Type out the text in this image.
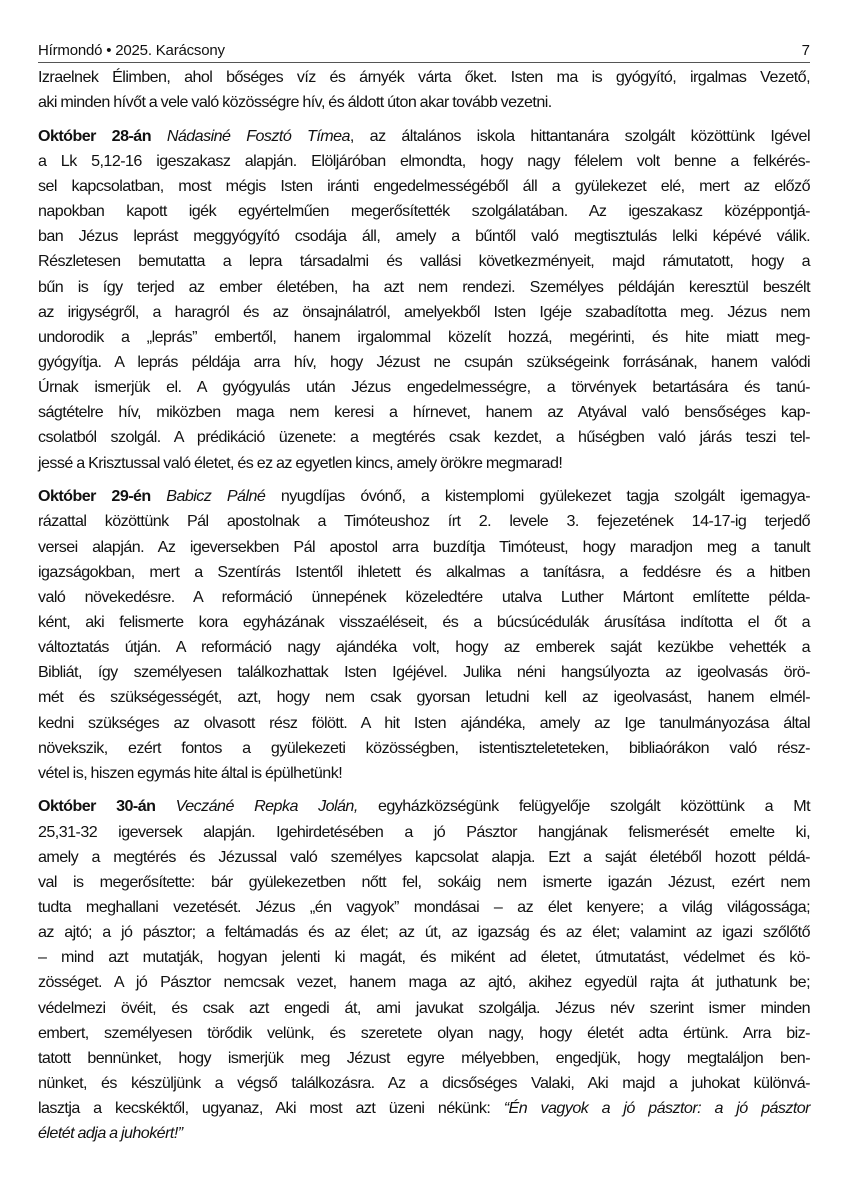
Hírmondó • 2025. Karácsony	7
Izraelnek Élimben, ahol bőséges víz és árnyék várta őket. Isten ma is gyógyító, irgalmas Vezető,
aki minden hívőt a vele való közösségre hív, és áldott úton akar tovább vezetni.
Október 28-án Nádasiné Fosztó Tímea, az általános iskola hittantanára szolgált közöttünk Igével
a Lk 5,12-16 igeszakasz alapján. Elöljáróban elmondta, hogy nagy félelem volt benne a felkérés-
sel kapcsolatban, most mégis Isten iránti engedelmességéből áll a gyülekezet elé, mert az előző
napokban kapott igék egyértelműen megerősítették szolgálatában. Az igeszakasz középpontjá-
ban Jézus leprást meggyógyító csodája áll, amely a bűntől való megtisztulás lelki képévé válik.
Részletesen bemutatta a lepra társadalmi és vallási következményeit, majd rámutatott, hogy a
bűn is így terjed az ember életében, ha azt nem rendezi. Személyes példáján keresztül beszélt
az irigységről, a haragról és az önsajnálatról, amelyekből Isten Igéje szabadította meg. Jézus nem
undorodik a „leprás” embertől, hanem irgalommal közelít hozzá, megérinti, és hite miatt meg-
gyógyítja. A leprás példája arra hív, hogy Jézust ne csupán szükségeink forrásának, hanem valódi
Úrnak ismerjük el. A gyógyulás után Jézus engedelmességre, a törvények betartására és tanú-
ságtételre hív, miközben maga nem keresi a hírnevet, hanem az Atyával való bensőséges kap-
csolatból szolgál. A prédikáció üzenete: a megtérés csak kezdet, a hűségben való járás teszi tel-
jessé a Krisztussal való életet, és ez az egyetlen kincs, amely örökre megmarad!
Október 29-én Babicz Pálné nyugdíjas óvónő, a kistemplomi gyülekezet tagja szolgált igemagya-
rázattal közöttünk Pál apostolnak a Timóteushoz írt 2. levele 3. fejezetének 14-17-ig terjedő
versei alapján. Az igeversekben Pál apostol arra buzdítja Timóteust, hogy maradjon meg a tanult
igazságokban, mert a Szentírás Istentől ihletett és alkalmas a tanításra, a feddésre és a hitben
való növekedésre. A reformáció ünnepének közeledtére utalva Luther Mártont említette példa-
ként, aki felismerte kora egyházának visszaéléseit, és a búcsúcédulák árusítása indította el őt a
változtatás útján. A reformáció nagy ajándéka volt, hogy az emberek saját kezükbe vehették a
Bibliát, így személyesen találkozhattak Isten Igéjével. Julika néni hangsúlyozta az igeolvasás örö-
mét és szükségességét, azt, hogy nem csak gyorsan letudni kell az igeolvasást, hanem elmél-
kedni szükséges az olvasott rész fölött. A hit Isten ajándéka, amely az Ige tanulmányozása által
növekszik, ezért fontos a gyülekezeti közösségben, istentiszteleteteken, bibliaórákon való rész-
vétel is, hiszen egymás hite által is épülhetünk!
Október 30-án Veczáné Repka Jolán, egyházközségünk felügyelője szolgált közöttünk a Mt
25,31-32 igeversek alapján. Igehirdetésében a jó Pásztor hangjának felismerését emelte ki,
amely a megtérés és Jézussal való személyes kapcsolat alapja. Ezt a saját életéből hozott példá-
val is megerősítette: bár gyülekezetben nőtt fel, sokáig nem ismerte igazán Jézust, ezért nem
tudta meghallani vezetését. Jézus „én vagyok” mondásai – az élet kenyere; a világ világossága;
az ajtó; a jó pásztor; a feltámadás és az élet; az út, az igazság és az élet; valamint az igazi szőlőtő
– mind azt mutatják, hogyan jelenti ki magát, és miként ad életet, útmutatást, védelmet és kö-
zösséget. A jó Pásztor nemcsak vezet, hanem maga az ajtó, akihez egyedül rajta át juthatunk be;
védelmezi övéit, és csak azt engedi át, ami javukat szolgálja. Jézus név szerint ismer minden
embert, személyesen törődik velünk, és szeretete olyan nagy, hogy életét adta értünk. Arra biz-
tatott bennünket, hogy ismerjük meg Jézust egyre mélyebben, engedjük, hogy megtaláljon ben-
nünket, és készüljünk a végső találkozásra. Az a dicsőséges Valaki, Aki majd a juhokat különvá-
lasztja a kecskéktől, ugyanaz, Aki most azt üzeni nékünk: “Én vagyok a jó pásztor: a jó pásztor
életét adja a juhokért!”
